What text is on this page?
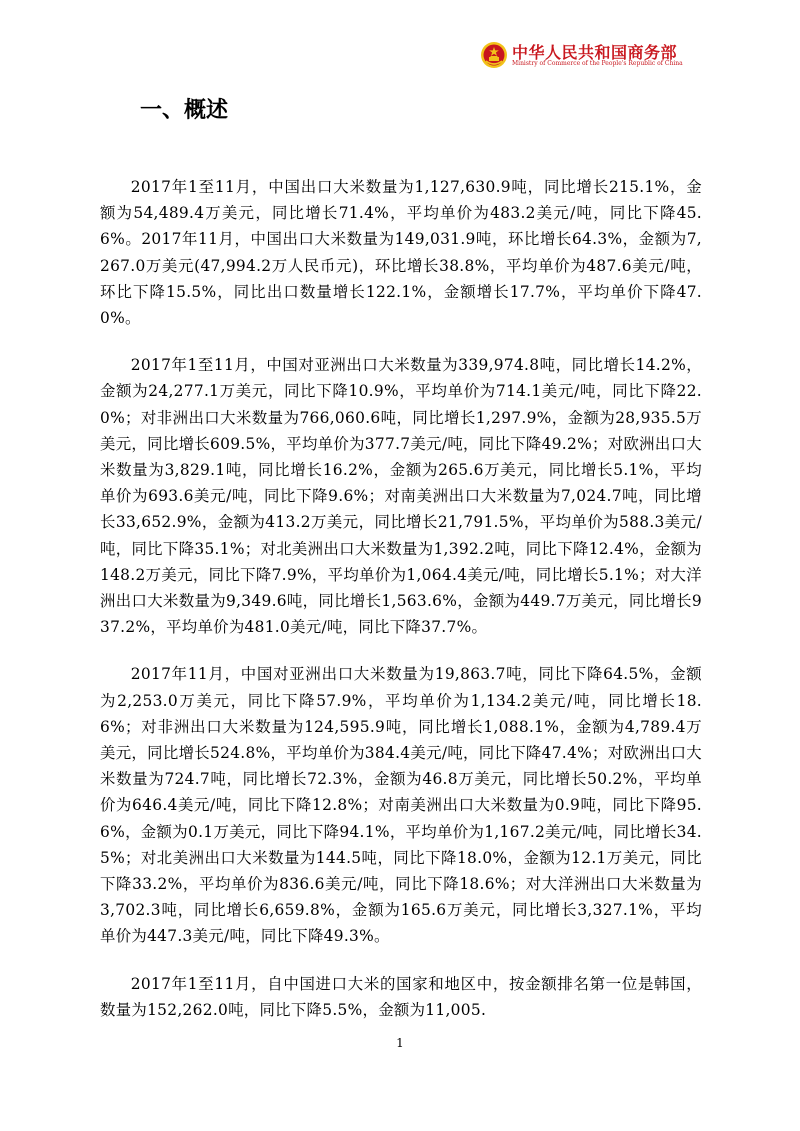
中华人民共和国商务部
Ministry of Commerce of the People's Republic of China
一、概述

2017年1至11月，中国出口大米数量为1,127,630.9吨，同比增长215.1%，金额为54,489.4万美元，同比增长71.4%，平均单价为483.2美元/吨，同比下降45.6%。2017年11月，中国出口大米数量为149,031.9吨，环比增长64.3%，金额为7,267.0万美元(47,994.2万人民币元)，环比增长38.8%，平均单价为487.6美元/吨，环比下降15.5%，同比出口数量增长122.1%，金额增长17.7%，平均单价下降47.0%。

2017年1至11月，中国对亚洲出口大米数量为339,974.8吨，同比增长14.2%，金额为24,277.1万美元，同比下降10.9%，平均单价为714.1美元/吨，同比下降22.0%；对非洲出口大米数量为766,060.6吨，同比增长1,297.9%，金额为28,935.5万美元，同比增长609.5%，平均单价为377.7美元/吨，同比下降49.2%；对欧洲出口大米数量为3,829.1吨，同比增长16.2%，金额为265.6万美元，同比增长5.1%，平均单价为693.6美元/吨，同比下降9.6%；对南美洲出口大米数量为7,024.7吨，同比增长33,652.9%，金额为413.2万美元，同比增长21,791.5%，平均单价为588.3美元/吨，同比下降35.1%；对北美洲出口大米数量为1,392.2吨，同比下降12.4%，金额为148.2万美元，同比下降7.9%，平均单价为1,064.4美元/吨，同比增长5.1%；对大洋洲出口大米数量为9,349.6吨，同比增长1,563.6%，金额为449.7万美元，同比增长937.2%，平均单价为481.0美元/吨，同比下降37.7%。

2017年11月，中国对亚洲出口大米数量为19,863.7吨，同比下降64.5%，金额为2,253.0万美元，同比下降57.9%，平均单价为1,134.2美元/吨，同比增长18.6%；对非洲出口大米数量为124,595.9吨，同比增长1,088.1%，金额为4,789.4万美元，同比增长524.8%，平均单价为384.4美元/吨，同比下降47.4%；对欧洲出口大米数量为724.7吨，同比增长72.3%，金额为46.8万美元，同比增长50.2%，平均单价为646.4美元/吨，同比下降12.8%；对南美洲出口大米数量为0.9吨，同比下降95.6%，金额为0.1万美元，同比下降94.1%，平均单价为1,167.2美元/吨，同比增长34.5%；对北美洲出口大米数量为144.5吨，同比下降18.0%，金额为12.1万美元，同比下降33.2%，平均单价为836.6美元/吨，同比下降18.6%；对大洋洲出口大米数量为3,702.3吨，同比增长6,659.8%，金额为165.6万美元，同比增长3,327.1%，平均单价为447.3美元/吨，同比下降49.3%。

2017年1至11月，自中国进口大米的国家和地区中，按金额排名第一位是韩国，数量为152,262.0吨，同比下降5.5%，金额为11,005.

1
